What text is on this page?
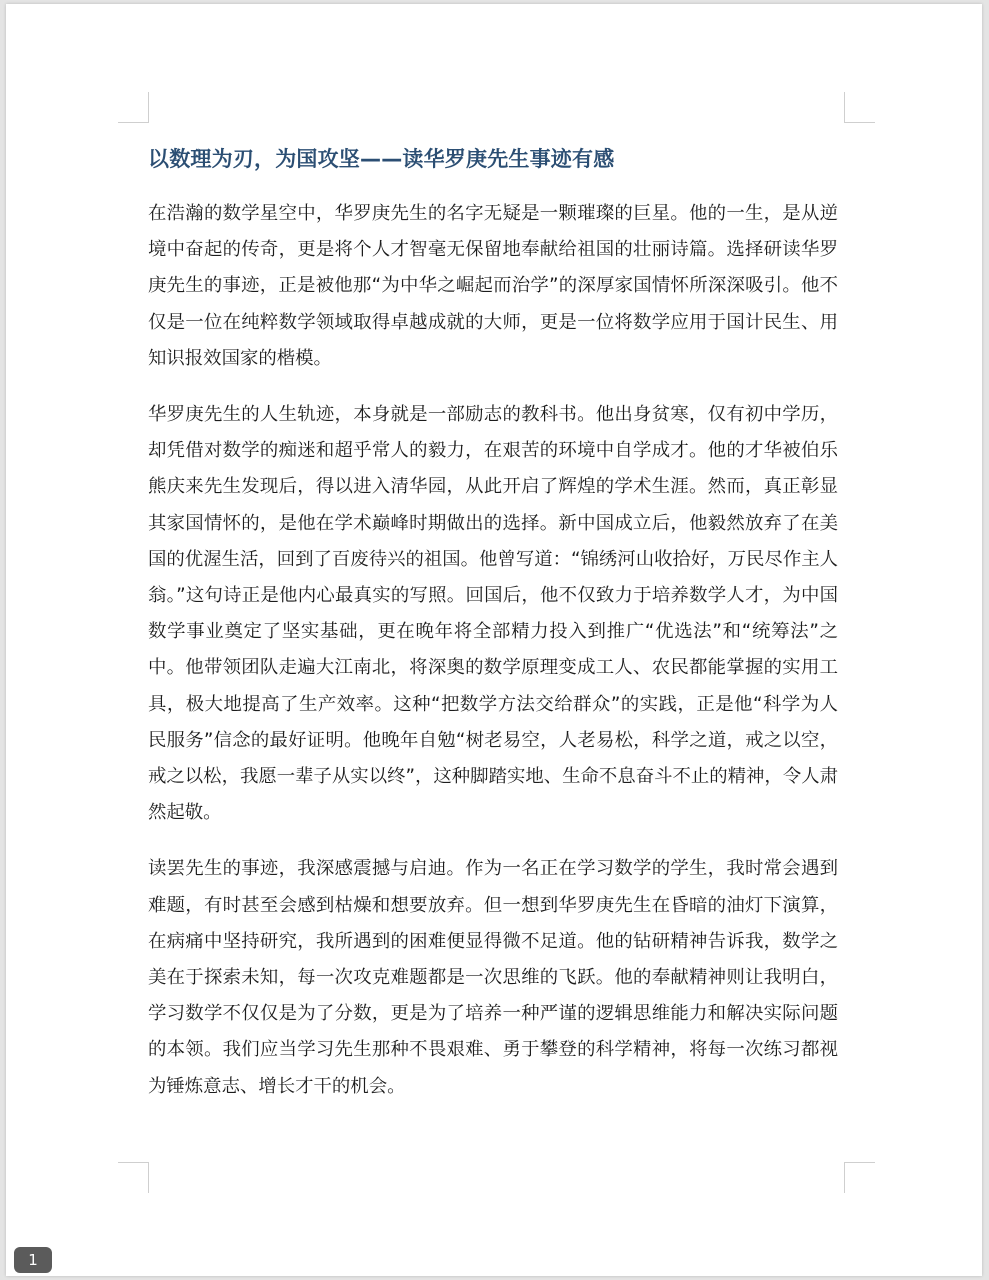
以数理为刃，为国攻坚——读华罗庚先生事迹有感

在浩瀚的数学星空中，华罗庚先生的名字无疑是一颗璀璨的巨星。他的一生，是从逆境中奋起的传奇，更是将个人才智毫无保留地奉献给祖国的壮丽诗篇。选择研读华罗庚先生的事迹，正是被他那“为中华之崛起而治学”的深厚家国情怀所深深吸引。他不仅是一位在纯粹数学领域取得卓越成就的大师，更是一位将数学应用于国计民生、用知识报效国家的楷模。

华罗庚先生的人生轨迹，本身就是一部励志的教科书。他出身贫寒，仅有初中学历，却凭借对数学的痴迷和超乎常人的毅力，在艰苦的环境中自学成才。他的才华被伯乐熊庆来先生发现后，得以进入清华园，从此开启了辉煌的学术生涯。然而，真正彰显其家国情怀的，是他在学术巅峰时期做出的选择。新中国成立后，他毅然放弃了在美国的优渥生活，回到了百废待兴的祖国。他曾写道：“锦绣河山收拾好，万民尽作主人翁。”这句诗正是他内心最真实的写照。回国后，他不仅致力于培养数学人才，为中国数学事业奠定了坚实基础，更在晚年将全部精力投入到推广“优选法”和“统筹法”之中。他带领团队走遍大江南北，将深奥的数学原理变成工人、农民都能掌握的实用工具，极大地提高了生产效率。这种“把数学方法交给群众”的实践，正是他“科学为人民服务”信念的最好证明。他晚年自勉“树老易空，人老易松，科学之道，戒之以空，戒之以松，我愿一辈子从实以终”，这种脚踏实地、生命不息奋斗不止的精神，令人肃然起敬。

读罢先生的事迹，我深感震撼与启迪。作为一名正在学习数学的学生，我时常会遇到难题，有时甚至会感到枯燥和想要放弃。但一想到华罗庚先生在昏暗的油灯下演算，在病痛中坚持研究，我所遇到的困难便显得微不足道。他的钻研精神告诉我，数学之美在于探索未知，每一次攻克难题都是一次思维的飞跃。他的奉献精神则让我明白，学习数学不仅仅是为了分数，更是为了培养一种严谨的逻辑思维能力和解决实际问题的本领。我们应当学习先生那种不畏艰难、勇于攀登的科学精神，将每一次练习都视为锤炼意志、增长才干的机会。

1
